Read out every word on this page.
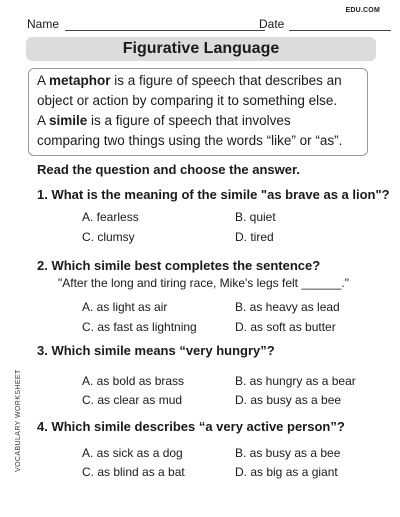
Name	Date
EDU.COM
Figurative Language
A metaphor is a figure of speech that describes an
object or action by comparing it to something else.
A simile is a figure of speech that involves
comparing two things using the words “like” or “as”.
Read the question and choose the answer.
1. What is the meaning of the simile "as brave as a lion"?
A. fearless	B. quiet
C. clumsy	D. tired
2. Which simile best completes the sentence?
"After the long and tiring race, Mike's legs felt ______."
A. as light as air	B. as heavy as lead
C. as fast as lightning	D. as soft as butter
3. Which simile means “very hungry”?
A. as bold as brass	B. as hungry as a bear
C. as clear as mud	D. as busy as a bee
4. Which simile describes “a very active person”?
A. as sick as a dog	B. as busy as a bee
C. as blind as a bat	D. as big as a giant
VOCABULARY WORKSHEET
